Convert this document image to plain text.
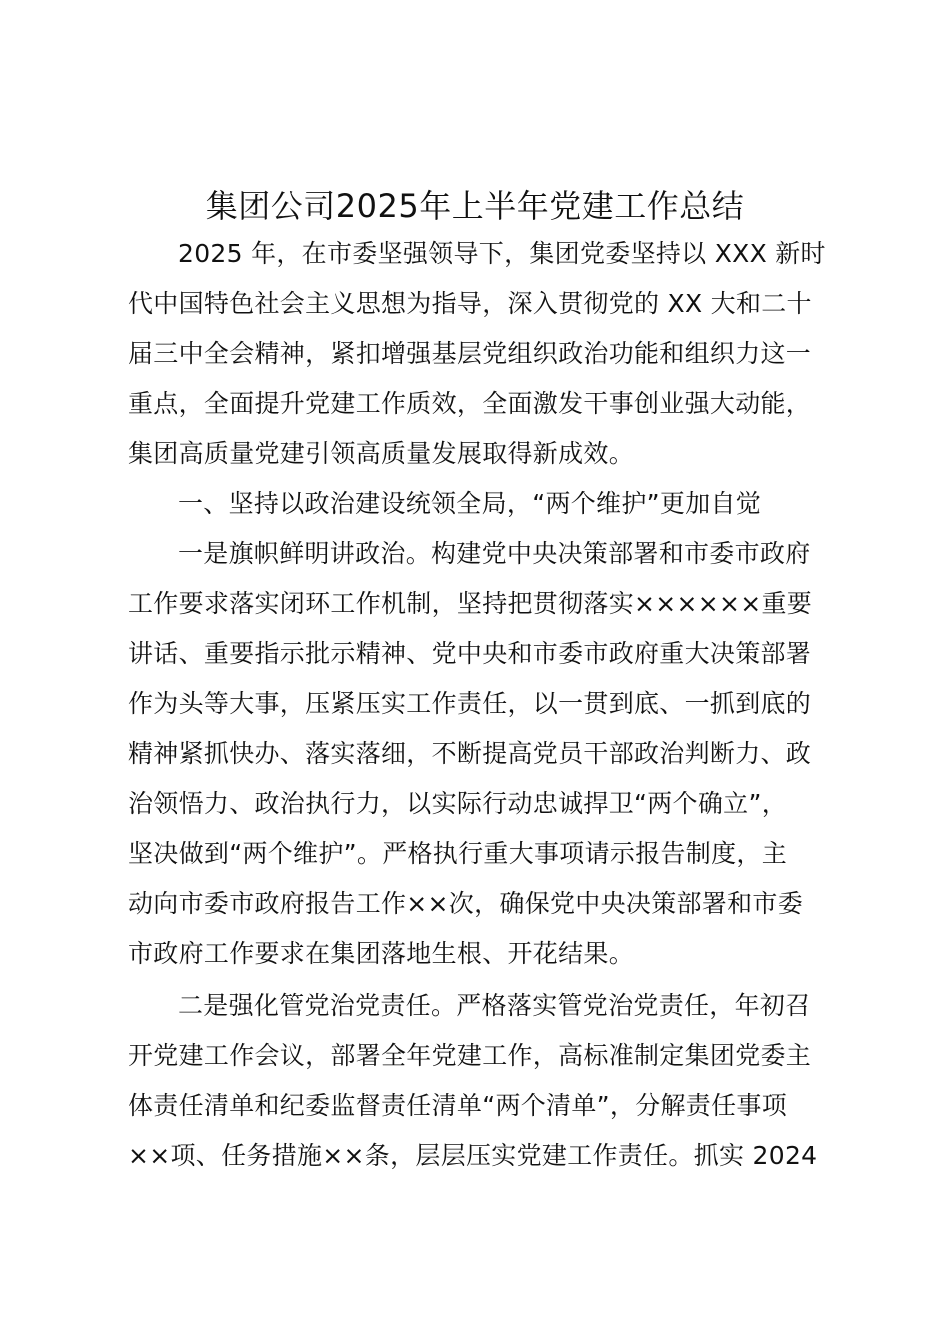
集团公司2025年上半年党建工作总结

2025 年，在市委坚强领导下，集团党委坚持以 XXX 新时

代中国特色社会主义思想为指导，深入贯彻党的 XX 大和二十

届三中全会精神，紧扣增强基层党组织政治功能和组织力这一

重点，全面提升党建工作质效，全面激发干事创业强大动能，

集团高质量党建引领高质量发展取得新成效。

一、坚持以政治建设统领全局，“两个维护”更加自觉

一是旗帜鲜明讲政治。构建党中央决策部署和市委市政府

工作要求落实闭环工作机制，坚持把贯彻落实××××××重要

讲话、重要指示批示精神、党中央和市委市政府重大决策部署

作为头等大事，压紧压实工作责任，以一贯到底、一抓到底的

精神紧抓快办、落实落细，不断提高党员干部政治判断力、政

治领悟力、政治执行力，以实际行动忠诚捍卫“两个确立”，

坚决做到“两个维护”。严格执行重大事项请示报告制度，主

动向市委市政府报告工作××次，确保党中央决策部署和市委

市政府工作要求在集团落地生根、开花结果。

二是强化管党治党责任。严格落实管党治党责任，年初召

开党建工作会议，部署全年党建工作，高标准制定集团党委主

体责任清单和纪委监督责任清单“两个清单”，分解责任事项

××项、任务措施××条，层层压实党建工作责任。抓实 2024
